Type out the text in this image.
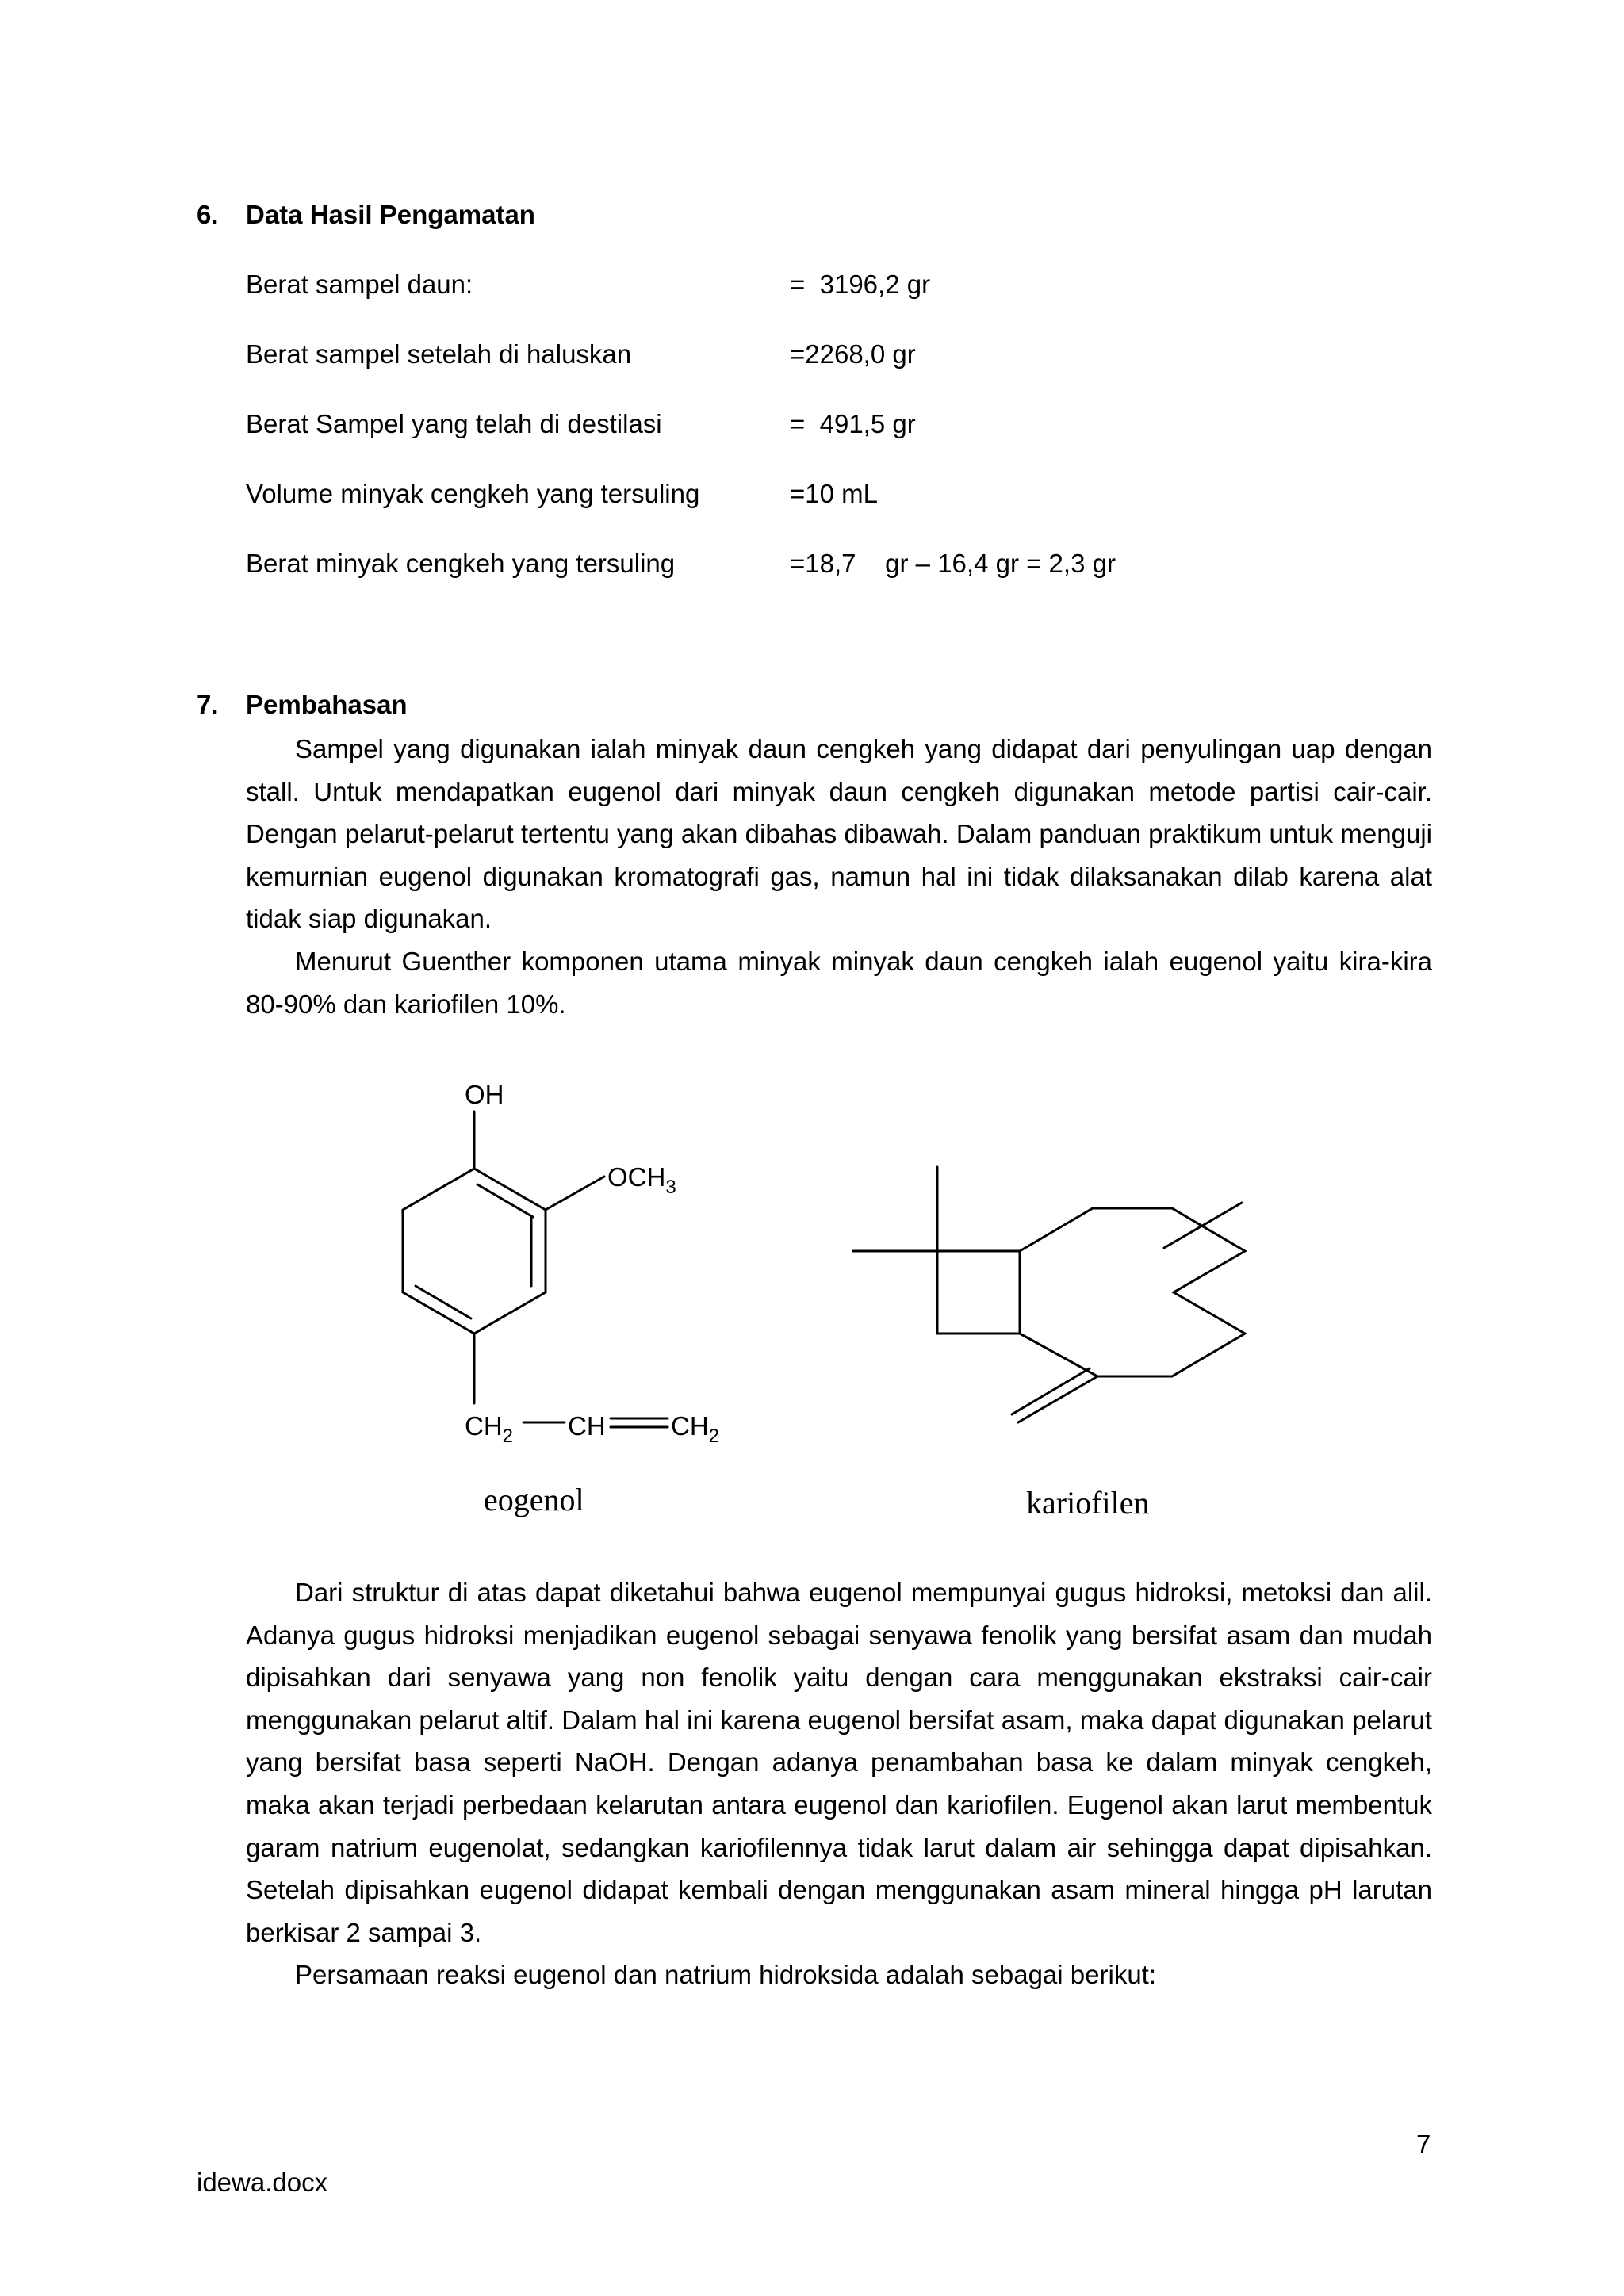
6. Data Hasil Pengamatan
Berat sampel daun:	=  3196,2 gr
Berat sampel setelah di haluskan	=2268,0 gr
Berat Sampel yang telah di destilasi	=  491,5 gr
Volume minyak cengkeh yang tersuling	=10 mL
Berat minyak cengkeh yang tersuling	=18,7    gr – 16,4 gr = 2,3 gr
7. Pembahasan

Sampel yang digunakan ialah minyak daun cengkeh yang didapat dari penyulingan uap dengan stall. Untuk mendapatkan eugenol dari minyak daun cengkeh digunakan metode partisi cair-cair. Dengan pelarut-pelarut tertentu yang akan dibahas dibawah. Dalam panduan praktikum untuk menguji kemurnian eugenol digunakan kromatografi gas, namun hal ini tidak dilaksanakan dilab karena alat tidak siap digunakan.

Menurut Guenther komponen utama minyak minyak daun cengkeh ialah eugenol yaitu kira-kira 80-90% dan kariofilen 10%.

OH
$OCH_3$
$CH_2$ CH $CH_2$
eogenol	kariofilen

Dari struktur di atas dapat diketahui bahwa eugenol mempunyai gugus hidroksi, metoksi dan alil. Adanya gugus hidroksi menjadikan eugenol sebagai senyawa fenolik yang bersifat asam dan mudah dipisahkan dari senyawa yang non fenolik yaitu dengan cara menggunakan ekstraksi cair-cair menggunakan pelarut altif. Dalam hal ini karena eugenol bersifat asam, maka dapat digunakan pelarut yang bersifat basa seperti NaOH. Dengan adanya penambahan basa ke dalam minyak cengkeh, maka akan terjadi perbedaan kelarutan antara eugenol dan kariofilen. Eugenol akan larut membentuk garam natrium eugenolat, sedangkan kariofilennya tidak larut dalam air sehingga dapat dipisahkan. Setelah dipisahkan eugenol didapat kembali dengan menggunakan asam mineral hingga pH larutan berkisar 2 sampai 3.

Persamaan reaksi eugenol dan natrium hidroksida adalah sebagai berikut:

7
idewa.docx
